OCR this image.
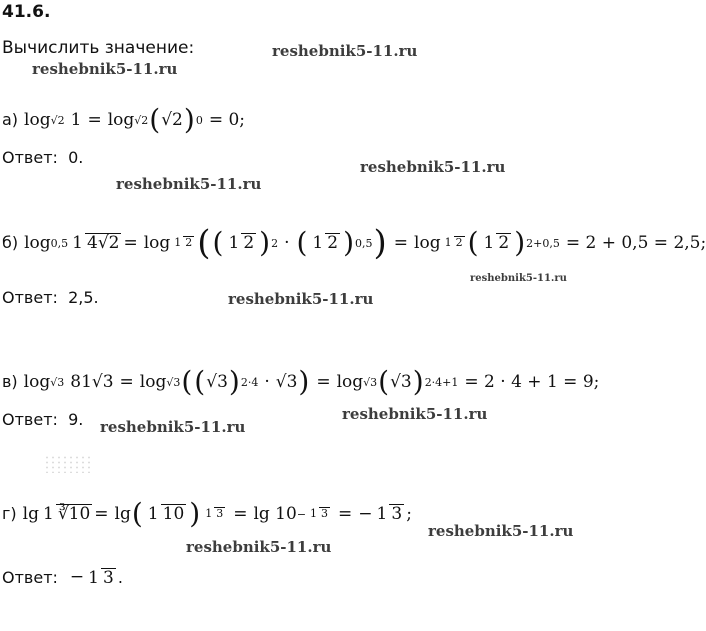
41.6.
Вычислить значение:	reshebnik5-11.ru
reshebnik5-11.ru
reshebnik5-11.ru
reshebnik5-11.ru
reshebnik5-11.ru
reshebnik5-11.ru
reshebnik5-11.ru
reshebnik5-11.ru
reshebnik5-11.ru
reshebnik5-11.ru
а) log √2 1 = log √2 ( √2 ) 0 = 0;
Ответ: 0.
б) log 0,5 1 4√2 = log 1 2 ( ( 1 2 ) 2 · ( 1 2 ) 0,5 ) = log 1 2 ( 1 2 ) 2+0,5 = 2 + 0,5 = 2,5;
Ответ: 2,5.
в) log √3 81√3 = log √3 ( ( √3 ) 2·4 · √3 ) = log √3 ( √3 ) 2·4+1 = 2 · 4 + 1 = 9;
Ответ: 9.
г) lg 1 ∛10 = lg ( 1 10 ) 1 3 = lg 10 − 1 3 = − 1 3 ;
Ответ: − 1 3 .
